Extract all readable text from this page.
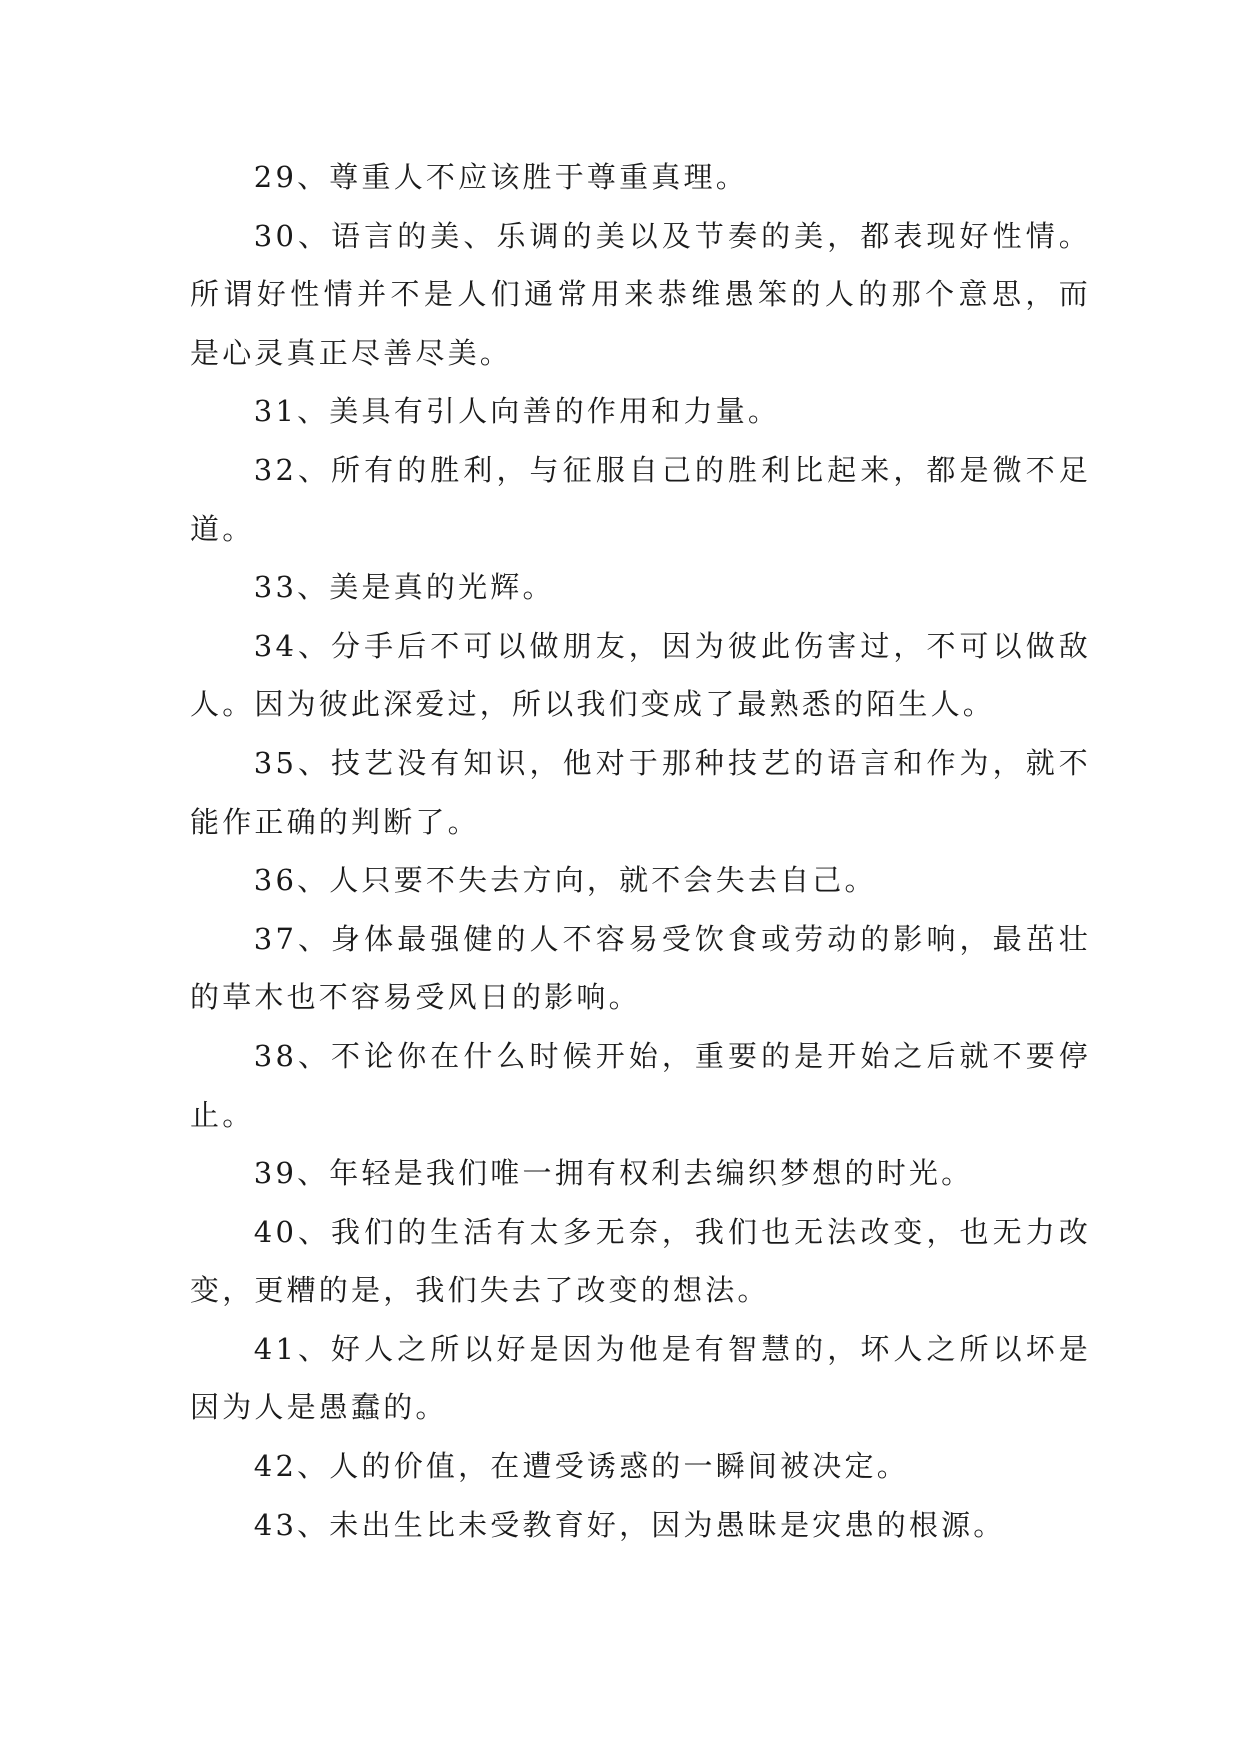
29、尊重人不应该胜于尊重真理。

30、语言的美、乐调的美以及节奏的美，都表现好性情。所谓好性情并不是人们通常用来恭维愚笨的人的那个意思，而是心灵真正尽善尽美。

31、美具有引人向善的作用和力量。

32、所有的胜利，与征服自己的胜利比起来，都是微不足道。

33、美是真的光辉。

34、分手后不可以做朋友，因为彼此伤害过，不可以做敌人。因为彼此深爱过，所以我们变成了最熟悉的陌生人。

35、技艺没有知识，他对于那种技艺的语言和作为，就不能作正确的判断了。

36、人只要不失去方向，就不会失去自己。

37、身体最强健的人不容易受饮食或劳动的影响，最茁壮的草木也不容易受风日的影响。

38、不论你在什么时候开始，重要的是开始之后就不要停止。

39、年轻是我们唯一拥有权利去编织梦想的时光。

40、我们的生活有太多无奈，我们也无法改变，也无力改变，更糟的是，我们失去了改变的想法。

41、好人之所以好是因为他是有智慧的，坏人之所以坏是因为人是愚蠢的。

42、人的价值，在遭受诱惑的一瞬间被决定。

43、未出生比未受教育好，因为愚昧是灾患的根源。
